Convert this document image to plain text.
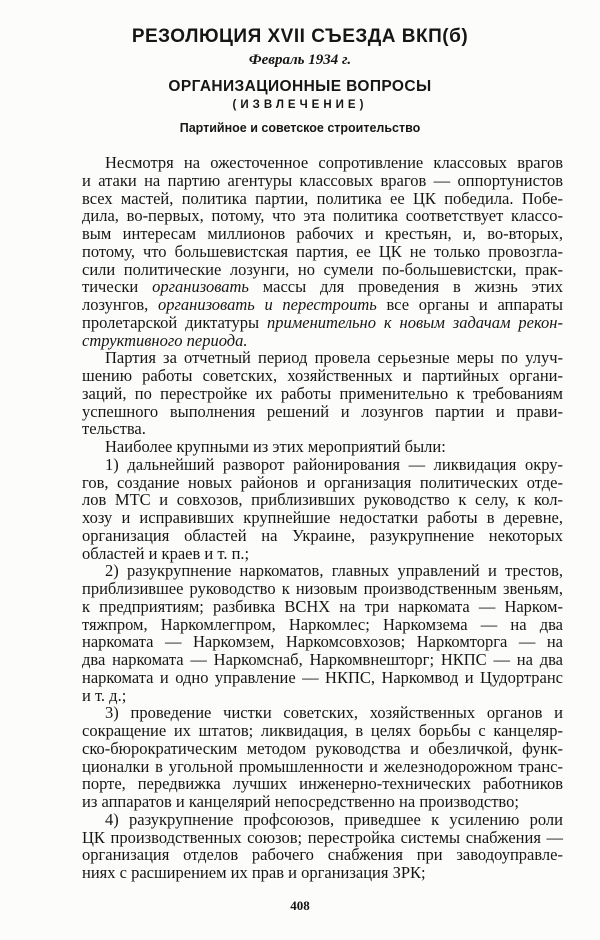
РЕЗОЛЮЦИЯ XVII СЪЕЗДА ВКП(б)
Февраль 1934 г.
ОРГАНИЗАЦИОННЫЕ ВОПРОСЫ
(ИЗВЛЕЧЕНИЕ)
Партийное и советское строительство
Несмотря на ожесточенное сопротивление классовых врагов
и атаки на партию агентуры классовых врагов — оппортунистов
всех мастей, политика партии, политика ее ЦК победила. Побе-
дила, во-первых, потому, что эта политика соответствует классо-
вым интересам миллионов рабочих и крестьян, и, во-вторых,
потому, что большевистская партия, ее ЦК не только провозгла-
сили политические лозунги, но сумели по-большевистски, прак-
тически организовать массы для проведения в жизнь этих
лозунгов, организовать и перестроить все органы и аппараты
пролетарской диктатуры применительно к новым задачам рекон-
структивного периода.
Партия за отчетный период провела серьезные меры по улуч-
шению работы советских, хозяйственных и партийных органи-
заций, по перестройке их работы применительно к требованиям
успешного выполнения решений и лозунгов партии и прави-
тельства.
Наиболее крупными из этих мероприятий были:
1) дальнейший разворот районирования — ликвидация окру-
гов, создание новых районов и организация политических отде-
лов МТС и совхозов, приблизивших руководство к селу, к кол-
хозу и исправивших крупнейшие недостатки работы в деревне,
организация областей на Украине, разукрупнение некоторых
областей и краев и т. п.;
2) разукрупнение наркоматов, главных управлений и трестов,
приблизившее руководство к низовым производственным звеньям,
к предприятиям; разбивка ВСНХ на три наркомата — Нарком-
тяжпром, Наркомлегпром, Наркомлес; Наркомзема — на два
наркомата — Наркомзем, Наркомсовхозов; Наркомторга — на
два наркомата — Наркомснаб, Наркомвнешторг; НКПС — на два
наркомата и одно управление — НКПС, Наркомвод и Цудортранс
и т. д.;
3) проведение чистки советских, хозяйственных органов и
сокращение их штатов; ликвидация, в целях борьбы с канцеляр-
ско-бюрократическим методом руководства и обезличкой, функ-
ционалки в угольной промышленности и железнодорожном транс-
порте, передвижка лучших инженерно-технических работников
из аппаратов и канцелярий непосредственно на производство;
4) разукрупнение профсоюзов, приведшее к усилению роли
ЦК производственных союзов; перестройка системы снабжения —
организация отделов рабочего снабжения при заводоуправле-
ниях с расширением их прав и организация ЗРК;
408
